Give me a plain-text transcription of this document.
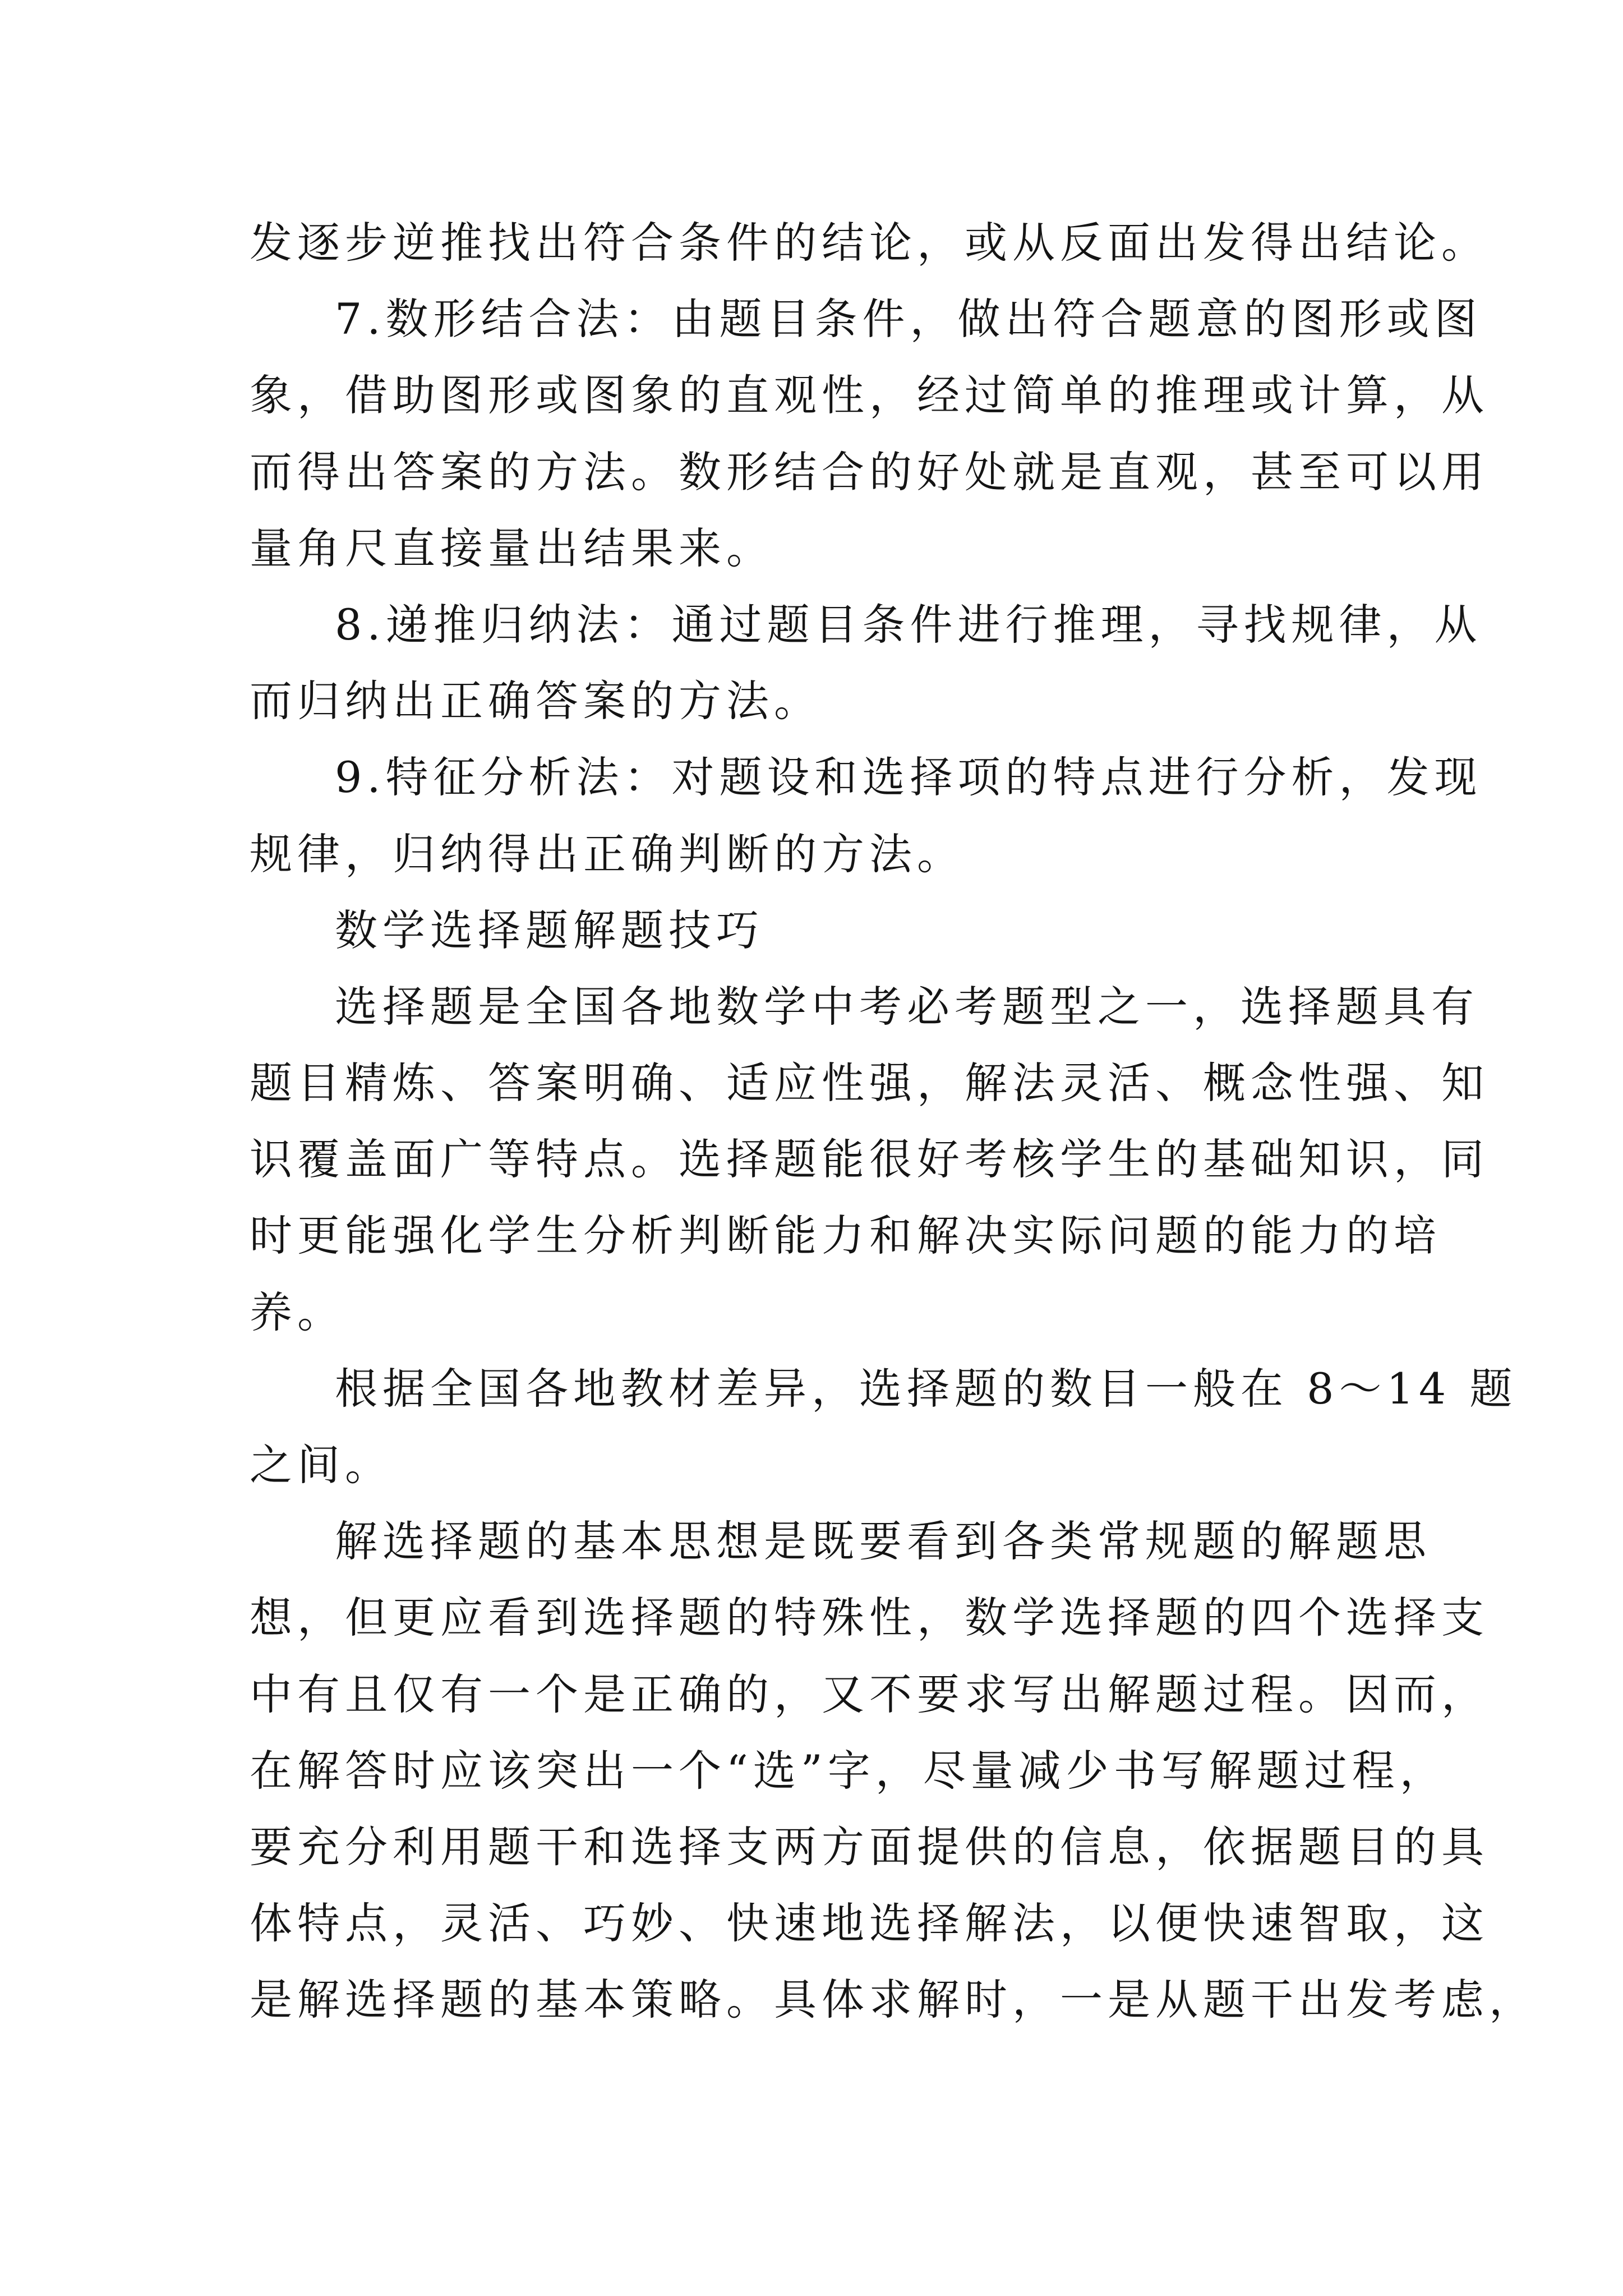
发逐步逆推找出符合条件的结论，或从反面出发得出结论。
7.数形结合法：由题目条件，做出符合题意的图形或图
象，借助图形或图象的直观性，经过简单的推理或计算，从
而得出答案的方法。数形结合的好处就是直观，甚至可以用
量角尺直接量出结果来。
8.递推归纳法：通过题目条件进行推理，寻找规律，从
而归纳出正确答案的方法。
9.特征分析法：对题设和选择项的特点进行分析，发现
规律，归纳得出正确判断的方法。
数学选择题解题技巧
选择题是全国各地数学中考必考题型之一，选择题具有
题目精炼、答案明确、适应性强，解法灵活、概念性强、知
识覆盖面广等特点。选择题能很好考核学生的基础知识，同
时更能强化学生分析判断能力和解决实际问题的能力的培
养。
根据全国各地教材差异，选择题的数目一般在 8～14 题
之间。
解选择题的基本思想是既要看到各类常规题的解题思
想，但更应看到选择题的特殊性，数学选择题的四个选择支
中有且仅有一个是正确的，又不要求写出解题过程。因而，
在解答时应该突出一个“选”字，尽量减少书写解题过程，
要充分利用题干和选择支两方面提供的信息，依据题目的具
体特点，灵活、巧妙、快速地选择解法，以便快速智取，这
是解选择题的基本策略。具体求解时，一是从题干出发考虑，
